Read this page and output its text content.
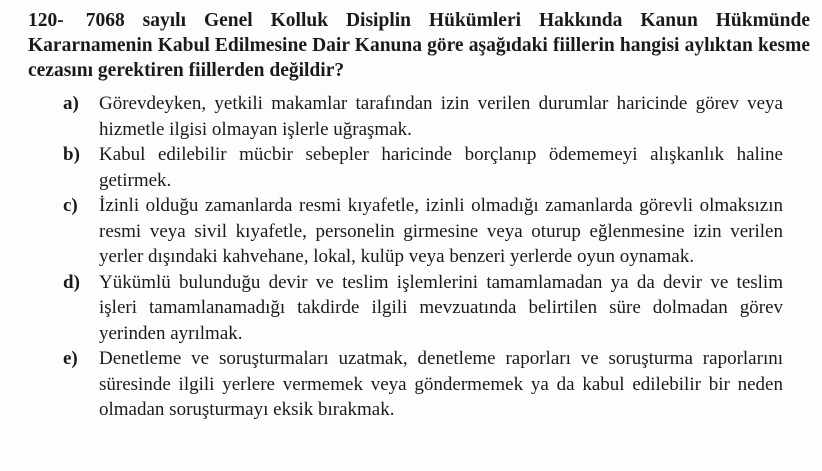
120- 7068 sayılı Genel Kolluk Disiplin Hükümleri Hakkında Kanun Hükmünde Kararnamenin Kabul Edilmesine Dair Kanuna göre aşağıdaki fiillerin hangisi aylıktan kesme cezasını gerektiren fiillerden değildir?
a)	Görevdeyken, yetkili makamlar tarafından izin verilen durumlar haricinde görev veya hizmetle ilgisi olmayan işlerle uğraşmak.
b)	Kabul edilebilir mücbir sebepler haricinde borçlanıp ödememeyi alışkanlık haline getirmek.
c)	İzinli olduğu zamanlarda resmi kıyafetle, izinli olmadığı zamanlarda görevli olmaksızın resmi veya sivil kıyafetle, personelin girmesine veya oturup eğlenmesine izin verilen yerler dışındaki kahvehane, lokal, kulüp veya benzeri yerlerde oyun oynamak.
d)	Yükümlü bulunduğu devir ve teslim işlemlerini tamamlamadan ya da devir ve teslim işleri tamamlanamadığı takdirde ilgili mevzuatında belirtilen süre dolmadan görev yerinden ayrılmak.
e)	Denetleme ve soruşturmaları uzatmak, denetleme raporları ve soruşturma raporlarını süresinde ilgili yerlere vermemek veya göndermemek ya da kabul edilebilir bir neden olmadan soruşturmayı eksik bırakmak.
